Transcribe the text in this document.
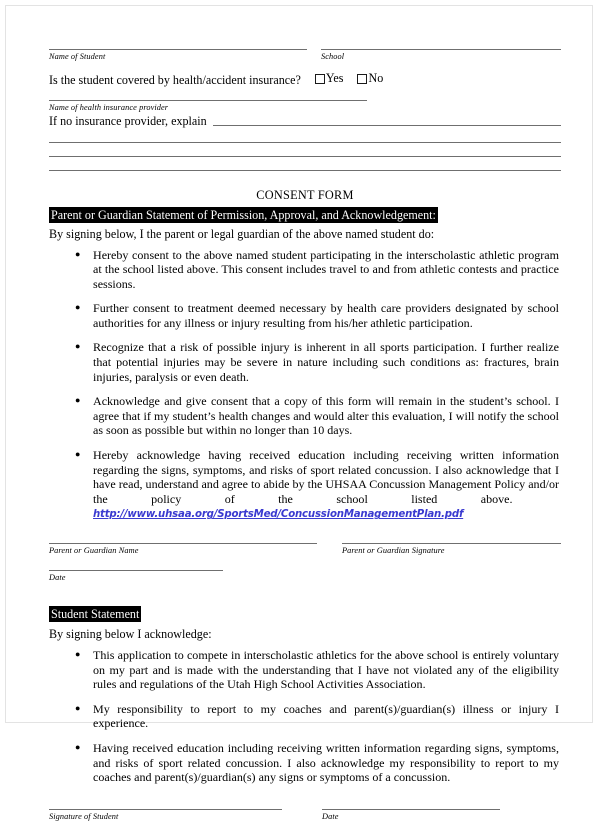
Name of Student	School
Is the student covered by health/accident insurance? Yes No
Name of health insurance provider
If no insurance provider, explain
CONSENT FORM
Parent or Guardian Statement of Permission, Approval, and Acknowledgement:
By signing below, I the parent or legal guardian of the above named student do:
● Hereby consent to the above named student participating in the interscholastic athletic program at the school listed above. This consent includes travel to and from athletic contests and practice sessions.
● Further consent to treatment deemed necessary by health care providers designated by school authorities for any illness or injury resulting from his/her athletic participation.
● Recognize that a risk of possible injury is inherent in all sports participation. I further realize that potential injuries may be severe in nature including such conditions as: fractures, brain injuries, paralysis or even death.
● Acknowledge and give consent that a copy of this form will remain in the student’s school. I agree that if my student’s health changes and would alter this evaluation, I will notify the school as soon as possible but within no longer than 10 days.
● Hereby acknowledge having received education including receiving written information regarding the signs, symptoms, and risks of sport related concussion. I also acknowledge that I have read, understand and agree to abide by the UHSAA Concussion Management Policy and/or the policy of the school listed above.   http://www.uhsaa.org/SportsMed/ConcussionManagementPlan.pdf
Parent or Guardian Name	Parent or Guardian Signature
Date
Student Statement
By signing below I acknowledge:
● This application to compete in interscholastic athletics for the above school is entirely voluntary on my part and is made with the understanding that I have not violated any of the eligibility rules and regulations of the Utah High School Activities Association.
● My responsibility to report to my coaches and parent(s)/guardian(s) illness or injury I experience.
● Having received education including receiving written information regarding signs, symptoms, and risks of sport related concussion. I also acknowledge my responsibility to report to my coaches and parent(s)/guardian(s) any signs or symptoms of a concussion.
Signature of Student	Date
